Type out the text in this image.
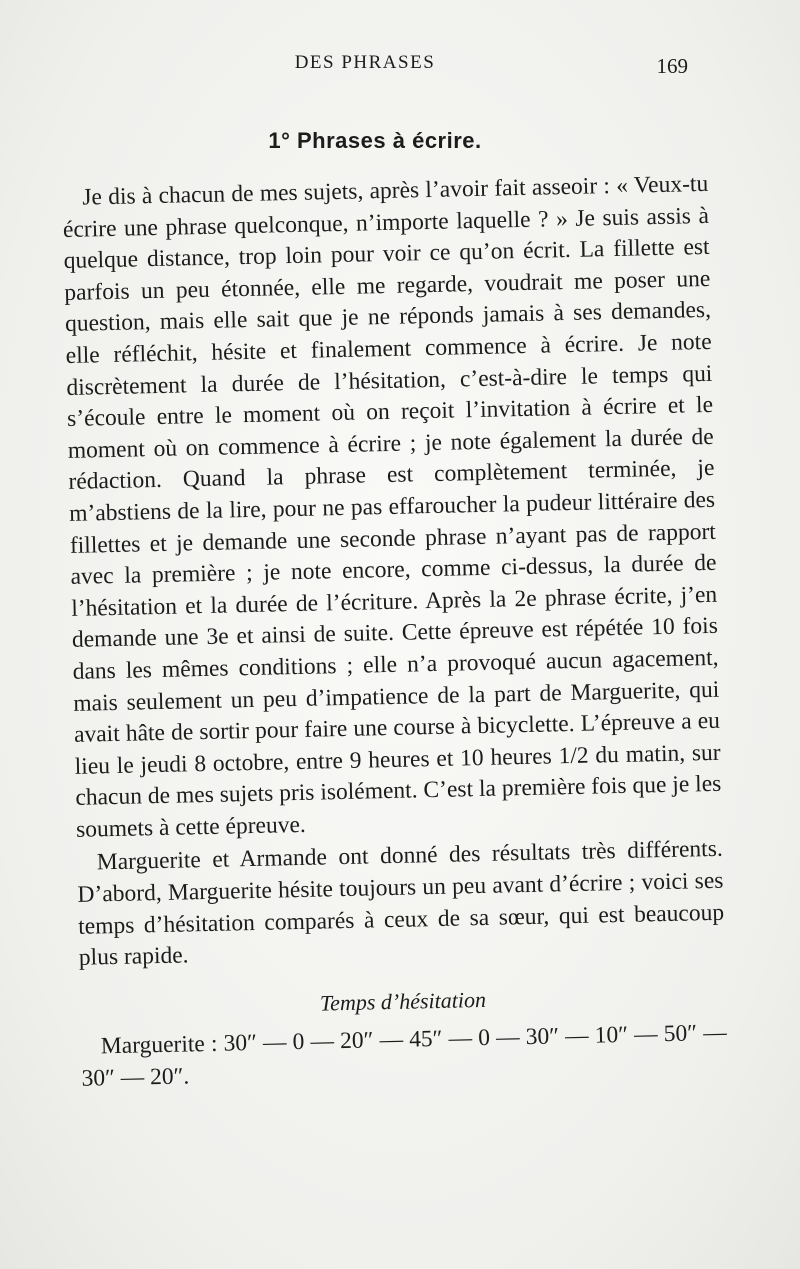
DES PHRASES	169
1° Phrases à écrire.

Je dis à chacun de mes sujets, après l’avoir fait asseoir : « Veux-tu écrire une phrase quelconque, n’importe laquelle ? » Je suis assis à quelque distance, trop loin pour voir ce qu’on écrit. La fillette est parfois un peu étonnée, elle me regarde, voudrait me poser une question, mais elle sait que je ne réponds jamais à ses demandes, elle réfléchit, hésite et finalement commence à écrire. Je note discrètement la durée de l’hésitation, c’est-à-dire le temps qui s’écoule entre le moment où on reçoit l’invitation à écrire et le moment où on commence à écrire ; je note également la durée de rédaction. Quand la phrase est complètement terminée, je m’abstiens de la lire, pour ne pas effaroucher la pudeur littéraire des fillettes et je demande une seconde phrase n’ayant pas de rapport avec la première ; je note encore, comme ci-dessus, la durée de l’hésitation et la durée de l’écriture. Après la 2e phrase écrite, j’en demande une 3e et ainsi de suite. Cette épreuve est répétée 10 fois dans les mêmes conditions ; elle n’a provoqué aucun agacement, mais seulement un peu d’impatience de la part de Marguerite, qui avait hâte de sortir pour faire une course à bicyclette. L’épreuve a eu lieu le jeudi 8 octobre, entre 9 heures et 10 heures 1/2 du matin, sur chacun de mes sujets pris isolément. C’est la première fois que je les soumets à cette épreuve.

Marguerite et Armande ont donné des résultats très différents. D’abord, Marguerite hésite toujours un peu avant d’écrire ; voici ses temps d’hésitation comparés à ceux de sa sœur, qui est beaucoup plus rapide.

Temps d’hésitation

Marguerite : 30″ — 0 — 20″ — 45″ — 0 — 30″ — 10″ — 50″ — 30″ — 20″.
